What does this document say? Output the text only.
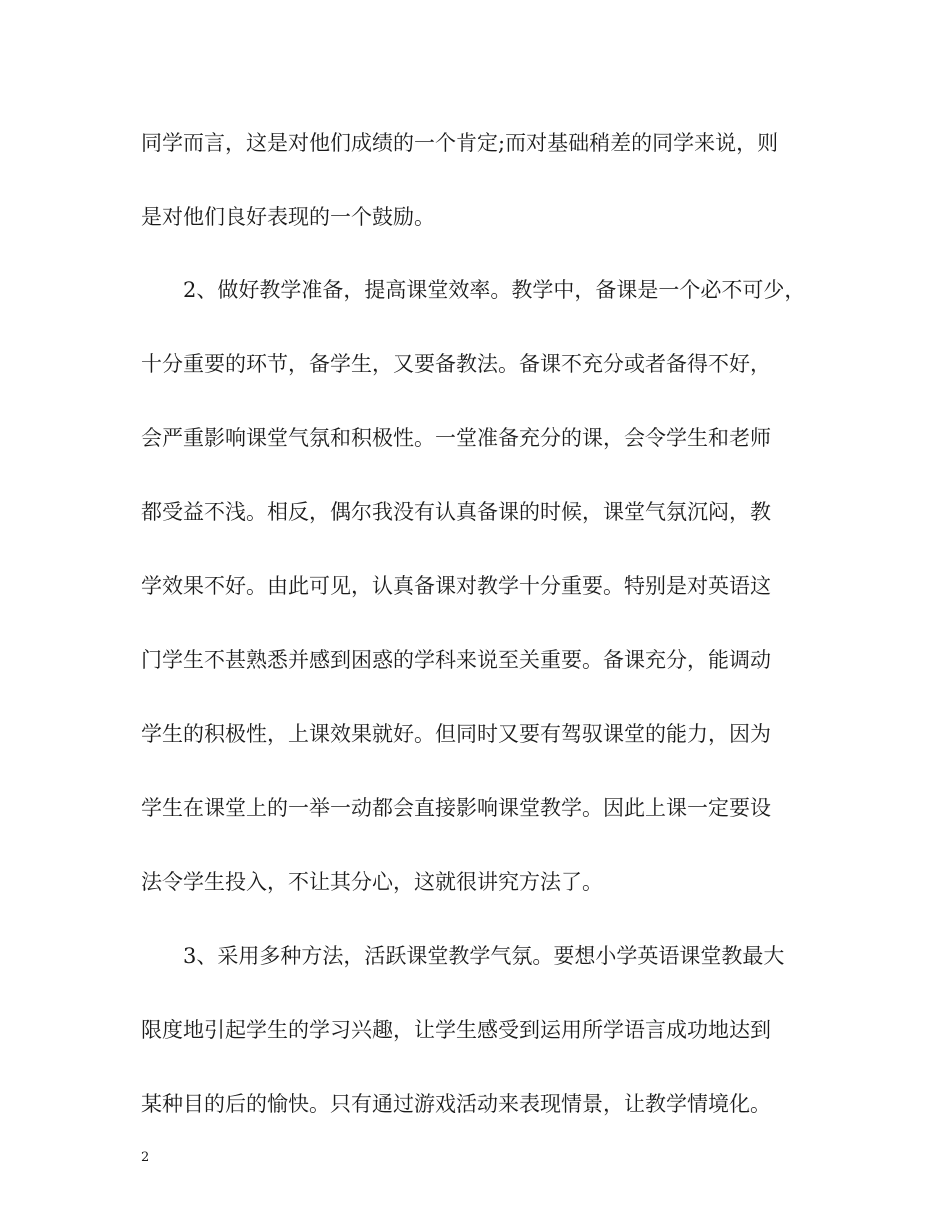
同学而言，这是对他们成绩的一个肯定;而对基础稍差的同学来说，则
是对他们良好表现的一个鼓励。
2、做好教学准备，提高课堂效率。教学中，备课是一个必不可少，
十分重要的环节，备学生，又要备教法。备课不充分或者备得不好，
会严重影响课堂气氛和积极性。一堂准备充分的课，会令学生和老师
都受益不浅。相反，偶尔我没有认真备课的时候，课堂气氛沉闷，教
学效果不好。由此可见，认真备课对教学十分重要。特别是对英语这
门学生不甚熟悉并感到困惑的学科来说至关重要。备课充分，能调动
学生的积极性，上课效果就好。但同时又要有驾驭课堂的能力，因为
学生在课堂上的一举一动都会直接影响课堂教学。因此上课一定要设
法令学生投入，不让其分心，这就很讲究方法了。
3、采用多种方法，活跃课堂教学气氛。要想小学英语课堂教最大
限度地引起学生的学习兴趣，让学生感受到运用所学语言成功地达到
某种目的后的愉快。只有通过游戏活动来表现情景，让教学情境化。
2
